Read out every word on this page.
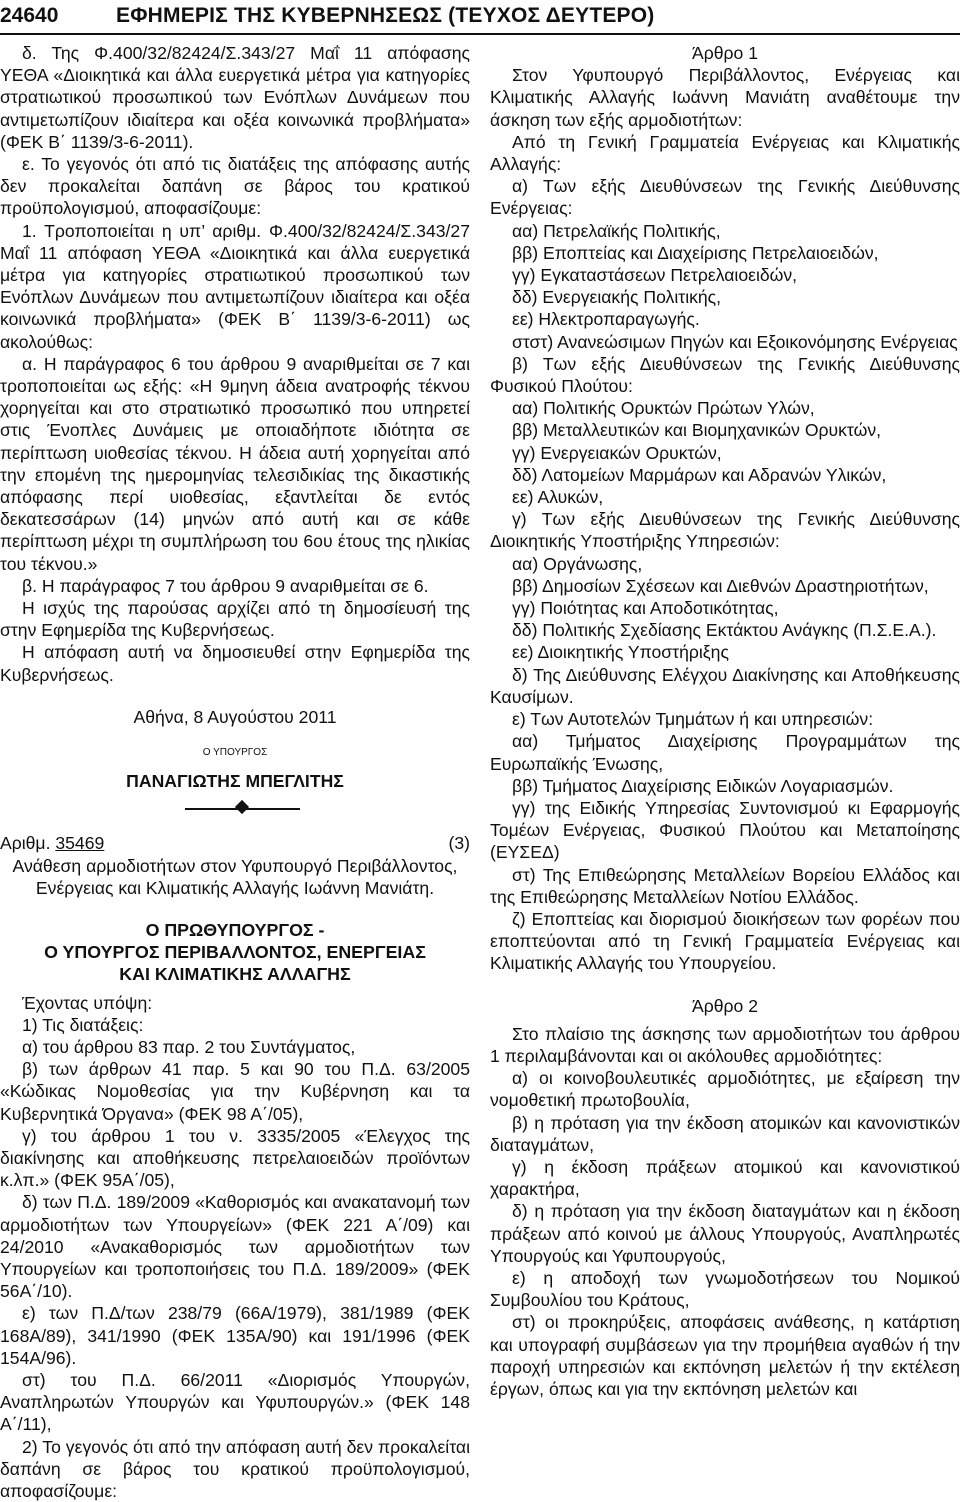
24640	ΕΦΗΜΕΡΙΣ ΤΗΣ ΚΥΒΕΡΝΗΣΕΩΣ (ΤΕΥΧΟΣ ΔΕΥΤΕΡΟ)

δ. Της Φ.400/32/82424/Σ.343/27 Μαΐ 11 απόφασης ΥΕΘΑ «Διοικητικά και άλλα ευεργετικά μέτρα για κατηγορίες στρατιωτικού προσωπικού των Ενόπλων Δυνάμεων που αντιμετωπίζουν ιδιαίτερα και οξέα κοινωνικά προβλήματα» (ΦΕΚ Β΄ 1139/3-6-2011).

ε. Το γεγονός ότι από τις διατάξεις της απόφασης αυτής δεν προκαλείται δαπάνη σε βάρος του κρατικού προϋπολογισμού, αποφασίζουμε:

1. Τροποποιείται η υπ’ αριθμ. Φ.400/32/82424/Σ.343/27 Μαΐ 11 απόφαση ΥΕΘΑ «Διοικητικά και άλλα ευεργετικά μέτρα για κατηγορίες στρατιωτικού προσωπικού των Ενόπλων Δυνάμεων που αντιμετωπίζουν ιδιαίτερα και οξέα κοινωνικά προβλήματα» (ΦΕΚ Β΄ 1139/3-6-2011) ως ακολούθως:

α. Η παράγραφος 6 του άρθρου 9 αναριθμείται σε 7 και τροποποιείται ως εξής: «Η 9μηνη άδεια ανατροφής τέκνου χορηγείται και στο στρατιωτικό προσωπικό που υπηρετεί στις Ένοπλες Δυνάμεις με οποιαδήποτε ιδιότητα σε περίπτωση υιοθεσίας τέκνου. Η άδεια αυτή χορηγείται από την επομένη της ημερομηνίας τελεσιδικίας της δικαστικής απόφασης περί υιοθεσίας, εξαντλείται δε εντός δεκατεσσάρων (14) μηνών από αυτή και σε κάθε περίπτωση μέχρι τη συμπλήρωση του 6ου έτους της ηλικίας του τέκνου.»

β. Η παράγραφος 7 του άρθρου 9 αναριθμείται σε 6.

Η ισχύς της παρούσας αρχίζει από τη δημοσίευσή της στην Εφημερίδα της Κυβερνήσεως.

Η απόφαση αυτή να δημοσιευθεί στην Εφημερίδα της Κυβερνήσεως.

Αθήνα, 8 Αυγούστου 2011

Ο ΥΠΟΥΡΓΟΣ

ΠΑΝΑΓΙΩΤΗΣ ΜΠΕΓΛΙΤΗΣ

Αριθμ. 35469	(3)

Ανάθεση αρμοδιοτήτων στον Υφυπουργό Περιβάλλοντος, Ενέργειας και Κλιματικής Αλλαγής Ιωάννη Μανιάτη.

Ο ΠΡΩΘΥΠΟΥΡΓΟΣ -

Ο ΥΠΟΥΡΓΟΣ ΠΕΡΙΒΑΛΛΟΝΤΟΣ, ΕΝΕΡΓΕΙΑΣ

ΚΑΙ ΚΛΙΜΑΤΙΚΗΣ ΑΛΛΑΓΗΣ

Έχοντας υπόψη:

1) Τις διατάξεις:

α) του άρθρου 83 παρ. 2 του Συντάγματος,

β) των άρθρων 41 παρ. 5 και 90 του Π.Δ. 63/2005 «Κώδικας Νομοθεσίας για την Κυβέρνηση και τα Κυβερνητικά Όργανα» (ΦΕΚ 98 Α΄/05),

γ) του άρθρου 1 του ν. 3335/2005 «Έλεγχος της διακίνησης και αποθήκευσης πετρελαιοειδών προϊόντων κ.λπ.» (ΦΕΚ 95Α΄/05),

δ) των Π.Δ. 189/2009 «Καθορισμός και ανακατανομή των αρμοδιοτήτων των Υπουργείων» (ΦΕΚ 221 Α΄/09) και 24/2010 «Ανακαθορισμός των αρμοδιοτήτων των Υπουργείων και τροποποιήσεις του Π.Δ. 189/2009» (ΦΕΚ 56Α΄/10).

ε) των Π.Δ/των 238/79 (66Α/1979), 381/1989 (ΦΕΚ 168Α/89), 341/1990 (ΦΕΚ 135Α/90) και 191/1996 (ΦΕΚ 154Α/96).

στ) του Π.Δ. 66/2011 «Διορισμός Υπουργών, Αναπληρωτών Υπουργών και Υφυπουργών.» (ΦΕΚ 148 Α΄/11),

2) Το γεγονός ότι από την απόφαση αυτή δεν προκαλείται δαπάνη σε βάρος του κρατικού προϋπολογισμού, αποφασίζουμε:

Άρθρο 1

Στον Υφυπουργό Περιβάλλοντος, Ενέργειας και Κλιματικής Αλλαγής Ιωάννη Μανιάτη αναθέτουμε την άσκηση των εξής αρμοδιοτήτων:

Από τη Γενική Γραμματεία Ενέργειας και Κλιματικής Αλλαγής:

α) Των εξής Διευθύνσεων της Γενικής Διεύθυνσης Ενέργειας:

αα) Πετρελαϊκής Πολιτικής,

ββ) Εποπτείας και Διαχείρισης Πετρελαιοειδών,

γγ) Εγκαταστάσεων Πετρελαιοειδών,

δδ) Ενεργειακής Πολιτικής,

εε) Ηλεκτροπαραγωγής.

στστ) Ανανεώσιμων Πηγών και Εξοικονόμησης Ενέργειας

β) Των εξής Διευθύνσεων της Γενικής Διεύθυνσης Φυσικού Πλούτου:

αα) Πολιτικής Ορυκτών Πρώτων Υλών,

ββ) Μεταλλευτικών και Βιομηχανικών Ορυκτών,

γγ) Ενεργειακών Ορυκτών,

δδ) Λατομείων Μαρμάρων και Αδρανών Υλικών,

εε) Αλυκών,

γ) Των εξής Διευθύνσεων της Γενικής Διεύθυνσης Διοικητικής Υποστήριξης Υπηρεσιών:

αα) Οργάνωσης,

ββ) Δημοσίων Σχέσεων και Διεθνών Δραστηριοτήτων,

γγ) Ποιότητας και Αποδοτικότητας,

δδ) Πολιτικής Σχεδίασης Εκτάκτου Ανάγκης (Π.Σ.Ε.Α.).

εε) Διοικητικής Υποστήριξης

δ) Της Διεύθυνσης Ελέγχου Διακίνησης και Αποθήκευσης Καυσίμων.

ε) Των Αυτοτελών Τμημάτων ή και υπηρεσιών:

αα) Τμήματος Διαχείρισης Προγραμμάτων της Ευρωπαϊκής Ένωσης,

ββ) Τμήματος Διαχείρισης Ειδικών Λογαριασμών.

γγ) της Ειδικής Υπηρεσίας Συντονισμού κι Εφαρμογής Τομέων Ενέργειας, Φυσικού Πλούτου και Μεταποίησης (ΕΥΣΕΔ)

στ) Της Επιθεώρησης Μεταλλείων Βορείου Ελλάδος και της Επιθεώρησης Μεταλλείων Νοτίου Ελλάδος.

ζ) Εποπτείας και διορισμού διοικήσεων των φορέων που εποπτεύονται από τη Γενική Γραμματεία Ενέργειας και Κλιματικής Αλλαγής του Υπουργείου.

Άρθρο 2

Στο πλαίσιο της άσκησης των αρμοδιοτήτων του άρθρου 1 περιλαμβάνονται και οι ακόλουθες αρμοδιότητες:

α) οι κοινοβουλευτικές αρμοδιότητες, με εξαίρεση την νομοθετική πρωτοβουλία,

β) η πρόταση για την έκδοση ατομικών και κανονιστικών διαταγμάτων,

γ) η έκδοση πράξεων ατομικού και κανονιστικού χαρακτήρα,

δ) η πρόταση για την έκδοση διαταγμάτων και η έκδοση πράξεων από κοινού με άλλους Υπουργούς, Αναπληρωτές Υπουργούς και Υφυπουργούς,

ε) η αποδοχή των γνωμοδοτήσεων του Νομικού Συμβουλίου του Κράτους,

στ) οι προκηρύξεις, αποφάσεις ανάθεσης, η κατάρτιση και υπογραφή συμβάσεων για την προμήθεια αγαθών ή την παροχή υπηρεσιών και εκπόνηση μελετών ή την εκτέλεση έργων, όπως και για την εκπόνηση μελετών και
